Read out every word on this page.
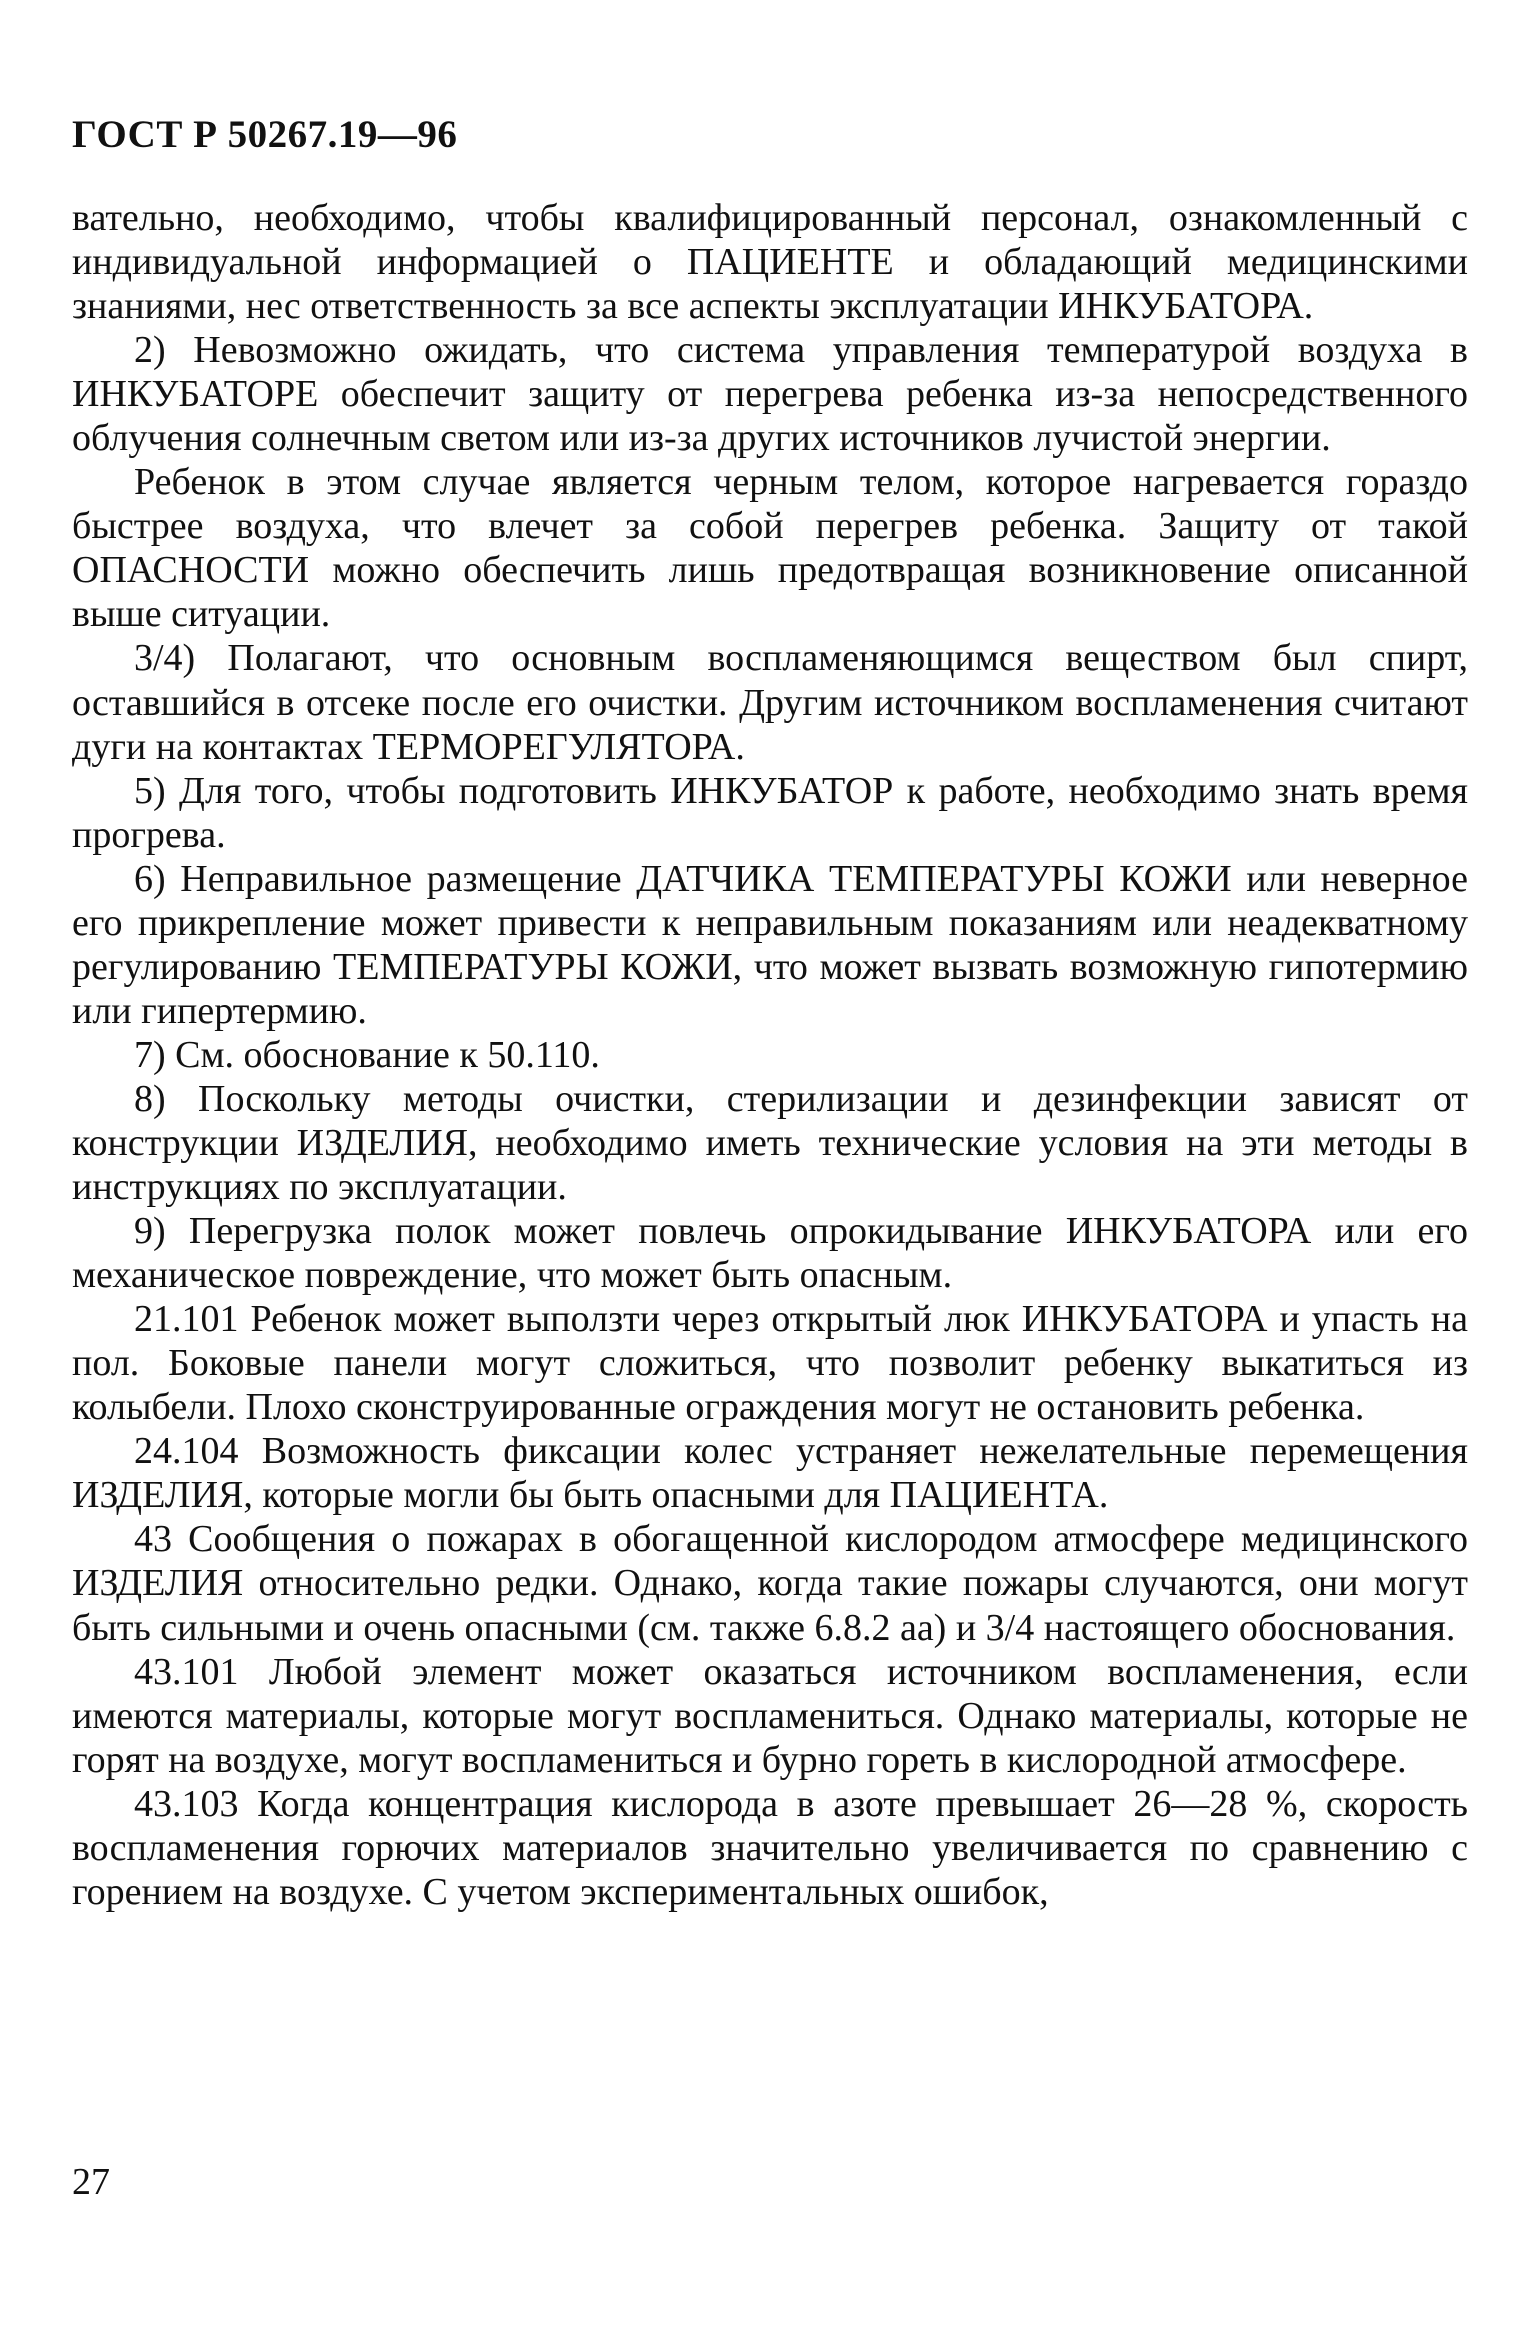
ГОСТ Р 50267.19—96

вательно, необходимо, чтобы квалифицированный персонал, ознакомленный с индивидуальной информацией о ПАЦИЕНТЕ и обладающий медицинскими знаниями, нес ответственность за все аспекты эксплуатации ИНКУБАТОРА.

2) Невозможно ожидать, что система управления температурой воздуха в ИНКУБАТОРЕ обеспечит защиту от перегрева ребенка из-за непосредственного облучения солнечным светом или из-за других источников лучистой энергии.

Ребенок в этом случае является черным телом, которое нагревается гораздо быстрее воздуха, что влечет за собой перегрев ребенка. Защиту от такой ОПАСНОСТИ можно обеспечить лишь предотвращая возникновение описанной выше ситуации.

3/4) Полагают, что основным воспламеняющимся веществом был спирт, оставшийся в отсеке после его очистки. Другим источником воспламенения считают дуги на контактах ТЕРМОРЕГУЛЯТОРА.

5) Для того, чтобы подготовить ИНКУБАТОР к работе, необходимо знать время прогрева.

6) Неправильное размещение ДАТЧИКА ТЕМПЕРАТУРЫ КОЖИ или неверное его прикрепление может привести к неправильным показаниям или неадекватному регулированию ТЕМПЕРАТУРЫ КОЖИ, что может вызвать возможную гипотермию или гипертермию.

7) См. обоснование к 50.110.

8) Поскольку методы очистки, стерилизации и дезинфекции зависят от конструкции ИЗДЕЛИЯ, необходимо иметь технические условия на эти методы в инструкциях по эксплуатации.

9) Перегрузка полок может повлечь опрокидывание ИНКУБАТОРА или его механическое повреждение, что может быть опасным.

21.101 Ребенок может выползти через открытый люк ИНКУБАТОРА и упасть на пол. Боковые панели могут сложиться, что позволит ребенку выкатиться из колыбели. Плохо сконструированные ограждения могут не остановить ребенка.

24.104 Возможность фиксации колес устраняет нежелательные перемещения ИЗДЕЛИЯ, которые могли бы быть опасными для ПАЦИЕНТА.

43 Сообщения о пожарах в обогащенной кислородом атмосфере медицинского ИЗДЕЛИЯ относительно редки. Однако, когда такие пожары случаются, они могут быть сильными и очень опасными (см. также 6.8.2 аа) и 3/4 настоящего обоснования.

43.101 Любой элемент может оказаться источником воспламенения, если имеются материалы, которые могут воспламениться. Однако материалы, которые не горят на воздухе, могут воспламениться и бурно гореть в кислородной атмосфере.

43.103 Когда концентрация кислорода в азоте превышает 26—28 %, скорость воспламенения горючих материалов значительно увеличивается по сравнению с горением на воздухе. С учетом экспериментальных ошибок,

27
